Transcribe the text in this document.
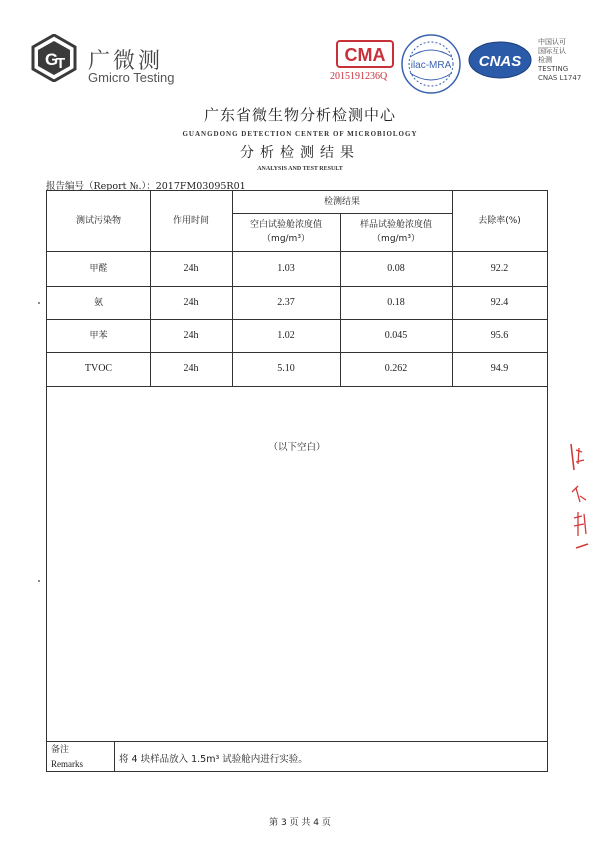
G
T 广微测
Gmicro Testing
CMA
2015191236Q
ilac-MRA CNAS
中国认可
国际互认
检测
TESTING
CNAS L1747
广东省微生物分析检测中心
GUANGDONG DETECTION CENTER OF MICROBIOLOGY
分析检测结果
ANALYSIS AND TEST RESULT
报告编号（Report №.）：2017FM03095R01
测试污染物	作用时间
检测结果
空白试验舱浓度值
（mg/m³）
样品试验舱浓度值
（mg/m³）
去除率(%)
甲醛	24h	1.03	0.08	92.2
氨	24h	2.37	0.18	92.4
甲苯	24h	1.02	0.045	95.6
TVOC	24h	5.10	0.262	94.9
（以下空白）
备注
Remarks	将 4 块样品放入 1.5m³ 试验舱内进行实验。
第 3 页 共 4 页
